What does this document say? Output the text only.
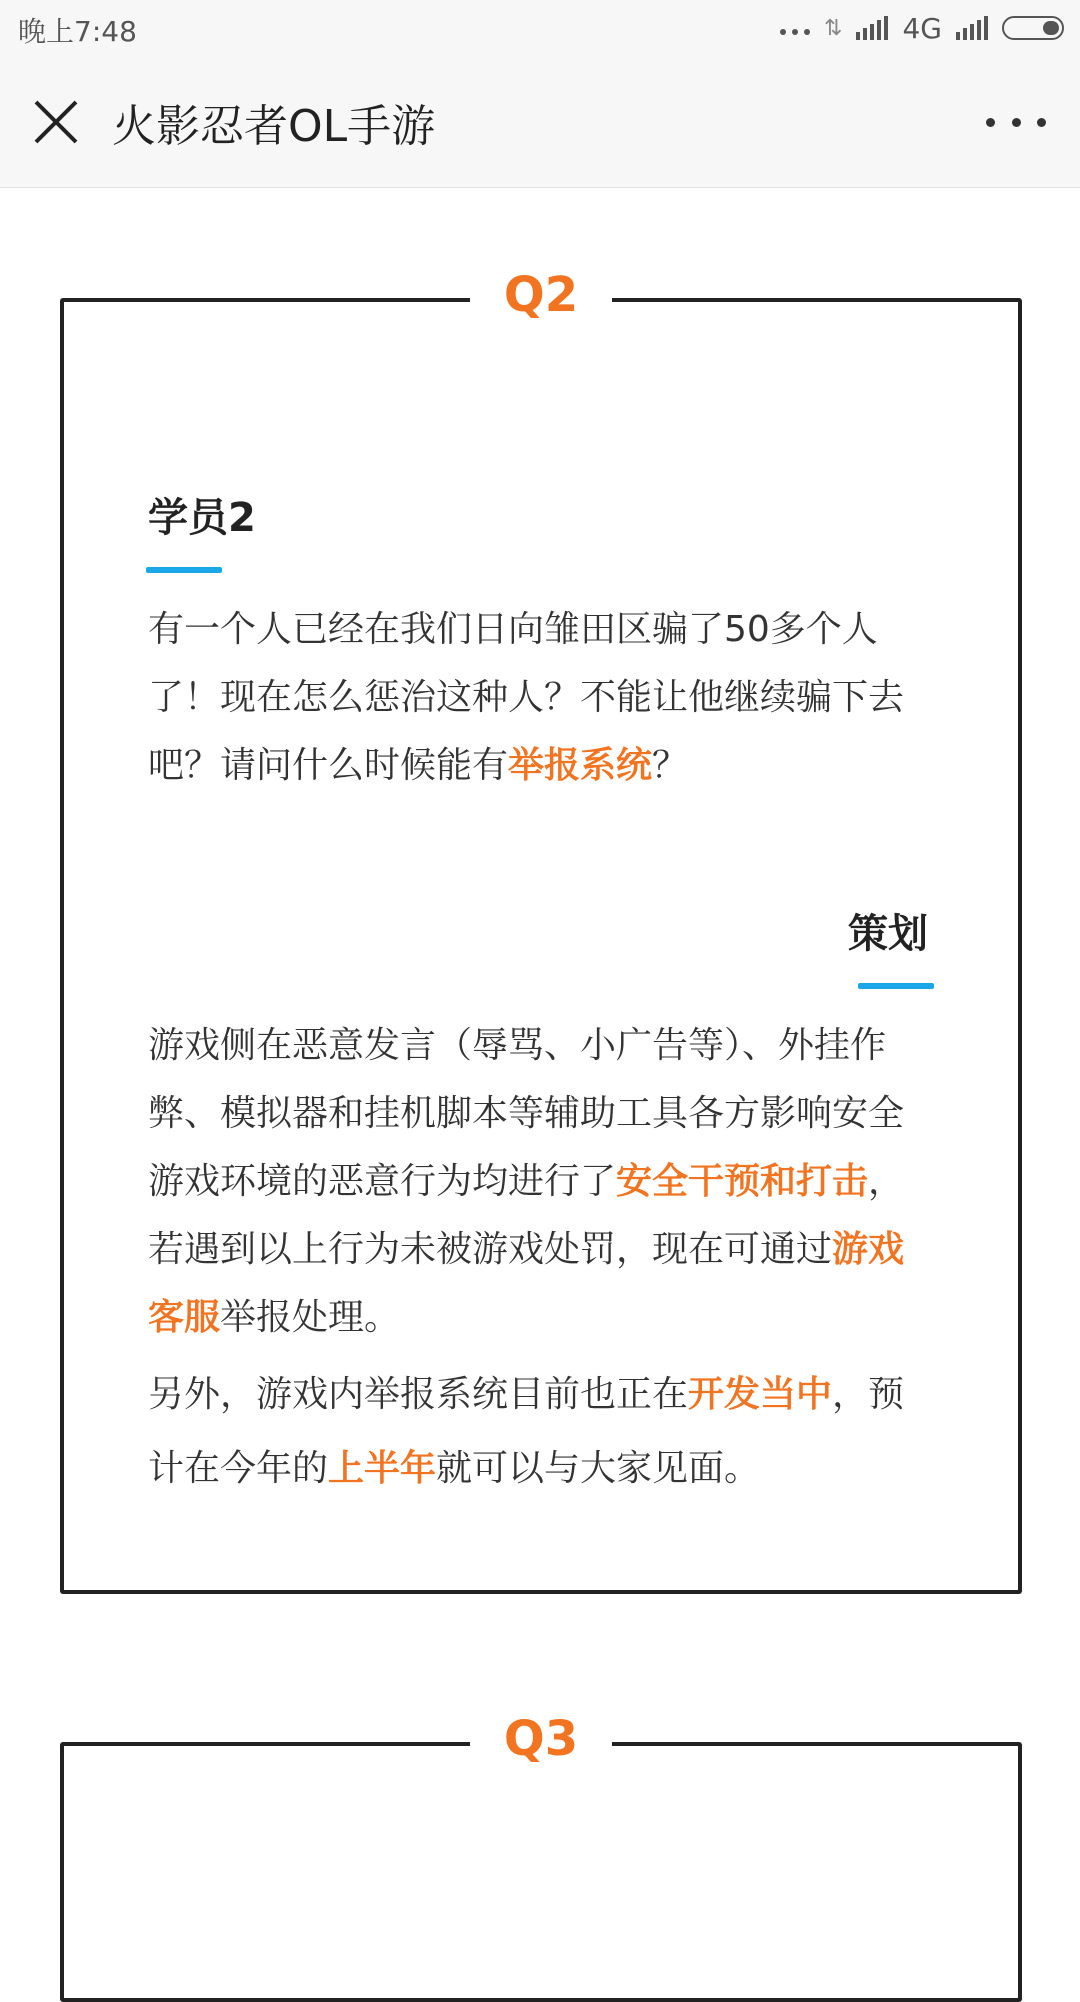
晚上7:48	⇅ 4G
火影忍者OL手游
Q2
学员2
有一个人已经在我们日向雏田区骗了50多个人了！现在怎么惩治这种人？不能让他继续骗下去吧？请问什么时候能有举报系统？
策划
游戏侧在恶意发言（辱骂、小广告等）、外挂作弊、模拟器和挂机脚本等辅助工具各方影响安全游戏环境的恶意行为均进行了安全干预和打击，若遇到以上行为未被游戏处罚，现在可通过游戏客服举报处理。
另外，游戏内举报系统目前也正在开发当中，预计在今年的上半年就可以与大家见面。
Q3
